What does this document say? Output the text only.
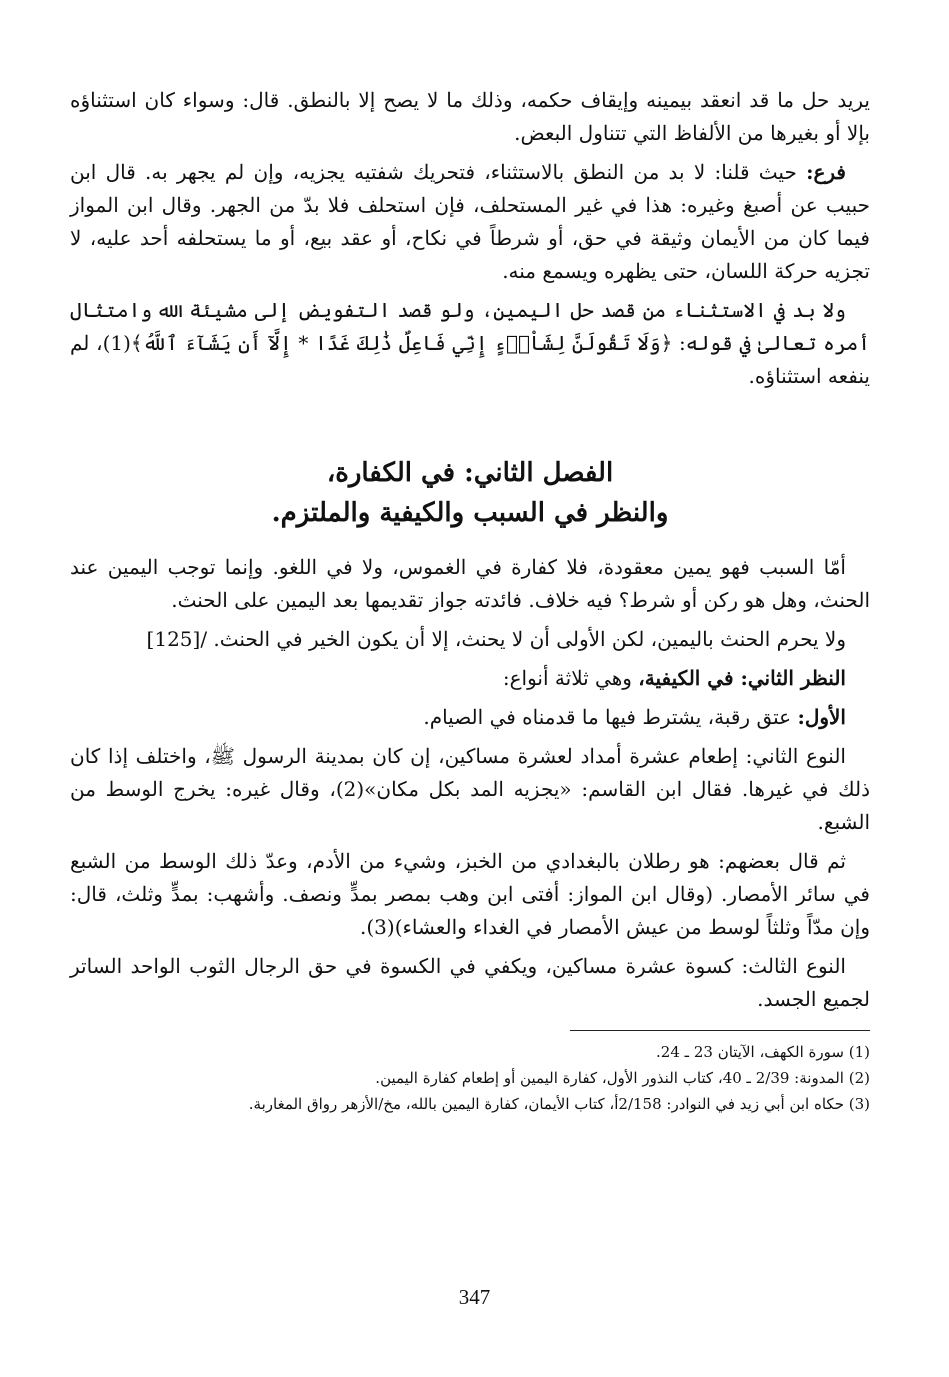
يريد حل ما قد انعقد بيمينه وإيقاف حكمه، وذلك ما لا يصح إلا بالنطق. قال: وسواء كان استثناؤه بإلا أو بغيرها من الألفاظ التي تتناول البعض.

فرع: حيث قلنا: لا بد من النطق بالاستثناء، فتحريك شفتيه يجزيه، وإن لم يجهر به. قال ابن حبيب عن أصبغ وغيره: هذا في غير المستحلف، فإن استحلف فلا بدّ من الجهر. وقال ابن المواز فيما كان من الأيمان وثيقة في حق، أو شرطاً في نكاح، أو عقد بيع، أو ما يستحلفه أحد عليه، لا تجزيه حركة اللسان، حتى يظهره ويسمع منه.

ولا بد في الاستثناء من قصد حل اليمين، ولو قصد التفويض إلى مشيئة الله وامتثال أمره تعالىٰ في قوله: ﴿وَلَا تَقُولَنَّ لِشَاْىۡءٍ إِنِّي فَاعِلٌ ذَٰلِكَ غَدًا * إِلَّآ أَن يَشَآءَ ٱللَّهُ﴾(1)، لم ينفعه استثناؤه.

الفصل الثاني: في الكفارة،
والنظر في السبب والكيفية والملتزم.

أمّا السبب فهو يمين معقودة، فلا كفارة في الغموس، ولا في اللغو. وإنما توجب اليمين عند الحنث، وهل هو ركن أو شرط؟ فيه خلاف. فائدته جواز تقديمها بعد اليمين على الحنث.

ولا يحرم الحنث باليمين، لكن الأولى أن لا يحنث، إلا أن يكون الخير في الحنث. /[125]

النظر الثاني: في الكيفية، وهي ثلاثة أنواع:

الأول: عتق رقبة، يشترط فيها ما قدمناه في الصيام.

النوع الثاني: إطعام عشرة أمداد لعشرة مساكين، إن كان بمدينة الرسول ﷺ، واختلف إذا كان ذلك في غيرها. فقال ابن القاسم: «يجزيه المد بكل مكان»(2)، وقال غيره: يخرج الوسط من الشبع.

ثم قال بعضهم: هو رطلان بالبغدادي من الخبز، وشيء من الأدم، وعدّ ذلك الوسط من الشبع في سائر الأمصار. (وقال ابن المواز: أفتى ابن وهب بمصر بمدٍّ ونصف. وأشهب: بمدٍّ وثلث، قال: وإن مدّاً وثلثاً لوسط من عيش الأمصار في الغداء والعشاء)(3).

النوع الثالث: كسوة عشرة مساكين، ويكفي في الكسوة في حق الرجال الثوب الواحد الساتر لجميع الجسد.

(1) سورة الكهف، الآيتان 23 ـ 24.

(2) المدونة: 2/39 ـ 40، كتاب النذور الأول، كفارة اليمين أو إطعام كفارة اليمين.

(3) حكاه ابن أبي زيد في النوادر: 2/158أ، كتاب الأيمان، كفارة اليمين بالله، مخ/الأزهر رواق المغاربة.

347
